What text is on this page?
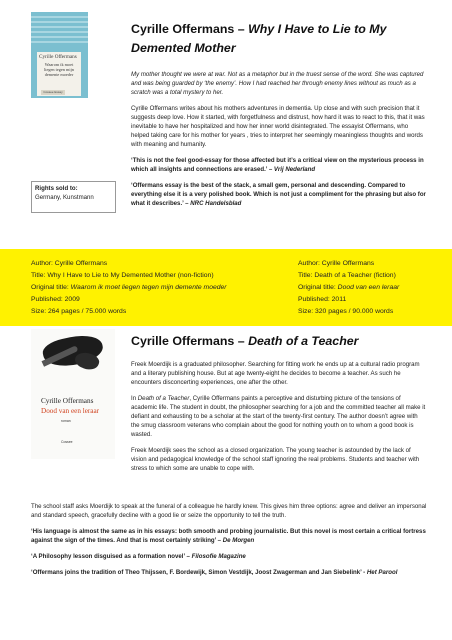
Cyrille Offermans
Waarom ik moet liegen tegen mijn demente moeder
Cossee Essay
Cyrille Offermans – Why I Have to Lie to My Demented Mother

My mother thought we were at war. Not as a metaphor but in the truest sense of the word. She was captured and was being guarded by ‘the enemy’. How I had reached her through enemy lines without as much as a scratch was a total mystery to her.

Cyrille Offermans writes about his mothers adventures in dementia. Up close and with such precision that it suggests deep love. How it started, with forgetfulness and distrust, how hard it was to react to this, that it was inevitable to have her hospitalized and how her inner world disintegrated. The essayist Offermans, who helped taking care for his mother for years , tries to interpret her seemingly meaningless thoughts and words with meaning and humanity.

‘This is not the feel good-essay for those affected but it’s a critical view on the mysterious process in which all insights and connections are erased.’ – Vrij Nederland

‘Offermans essay is the best of the stack, a small gem, personal and descending. Compared to everything else it is a very polished book. Which is not just a compliment for the phrasing but also for what it describes.’ – NRC Handelsblad

Rights sold to:
Germany, Kunstmann
Author: Cyrille Offermans
Title: Why I Have to Lie to My Demented Mother (non-fiction)
Original title: Waarom ik moet liegen tegen mijn demente moeder
Published: 2009
Size: 264 pages / 75.000 words
Author: Cyrille Offermans
Title: Death of a Teacher (fiction)
Original title: Dood van een leraar
Published: 2011
Size: 320 pages / 90.000 words
Cyrille Offermans
Dood van een leraar
roman
Cossee
Cyrille Offermans – Death of a Teacher

Freek Moerdijk is a graduated philosopher. Searching for fitting work he ends up at a cultural radio program and a literary publishing house. But at age twenty-eight he decides to become a teacher. As such he encounters disconcerting experiences, one after the other.

In Death of a Teacher, Cyrille Offermans paints a perceptive and disturbing picture of the tensions of academic life. The student in doubt, the philosopher searching for a job and the committed teacher all make it defiant and exhausting to be a scholar at the start of the twenty-first century. The author doesn’t agree with the smug classroom veterans who complain about the good for nothing youth on to whom a good book is wasted.

Freek Moerdijk sees the school as a closed organization. The young teacher is astounded by the lack of vision and pedagogical knowledge of the school staff ignoring the real problems. Students and teacher with stress to which some are unable to cope with.

The school staff asks Moerdijk to speak at the funeral of a colleague he hardly knew. This gives him three options: agree and deliver an impersonal and standard speech, gracefully decline with a good lie or seize the opportunity to tell the truth.

‘His language is almost the same as in his essays: both smooth and probing journalistic. But this novel is most certain a critical fortress against the sign of the times. And that is most certainly striking’ – De Morgen

‘A Philosophy lesson disguised as a formation novel’ – Filosofie Magazine

‘Offermans joins the tradition of Theo Thijssen, F. Bordewijk, Simon Vestdijk, Joost Zwagerman and Jan Siebelink’ - Het Parool
